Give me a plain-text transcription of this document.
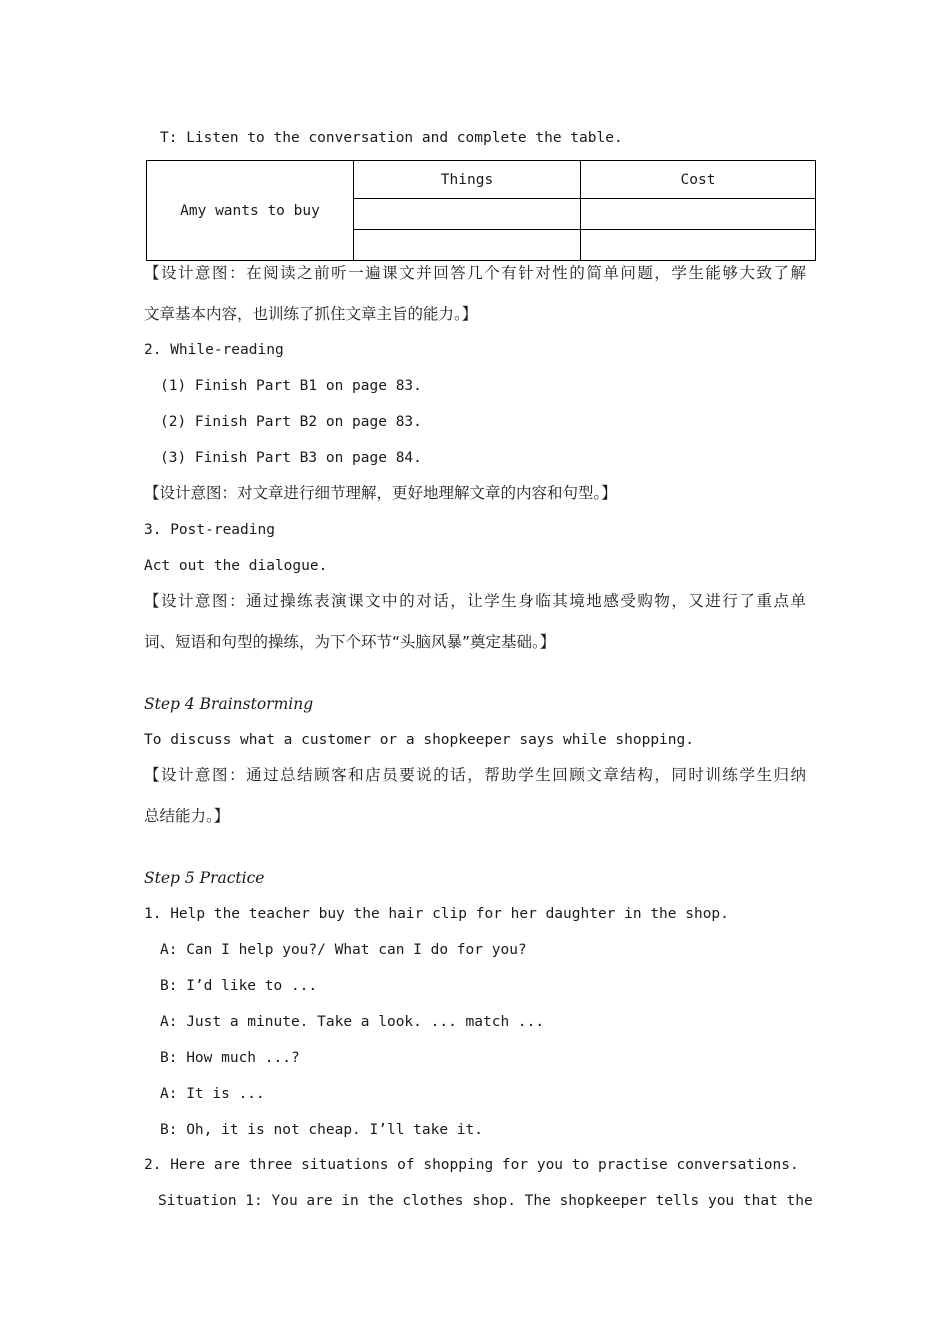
T: Listen to the conversation and complete the table.
Amy wants to buy	Things	Cost

【设计意图：在阅读之前听一遍课文并回答几个有针对性的简单问题，学生能够大致了解
文章基本内容，也训练了抓住文章主旨的能力。】
2. While-reading
(1) Finish Part B1 on page 83.
(2) Finish Part B2 on page 83.
(3) Finish Part B3 on page 84.
【设计意图：对文章进行细节理解，更好地理解文章的内容和句型。】
3. Post-reading
Act out the dialogue.
【设计意图：通过操练表演课文中的对话，让学生身临其境地感受购物，又进行了重点单
词、短语和句型的操练，为下个环节“头脑风暴”奠定基础。】
Step 4 Brainstorming
To discuss what a customer or a shopkeeper says while shopping.
【设计意图：通过总结顾客和店员要说的话，帮助学生回顾文章结构，同时训练学生归纳
总结能力。】
Step 5 Practice
1. Help the teacher buy the hair clip for her daughter in the shop.
A: Can I help you?/ What can I do for you?
B: I’d like to ...
A: Just a minute. Take a look. ... match ...
B: How much ...?
A: It is ...
B: Oh, it is not cheap. I’ll take it.
2. Here are three situations of shopping for you to practise conversations.
Situation 1: You are in the clothes shop. The shopkeeper tells you that the
